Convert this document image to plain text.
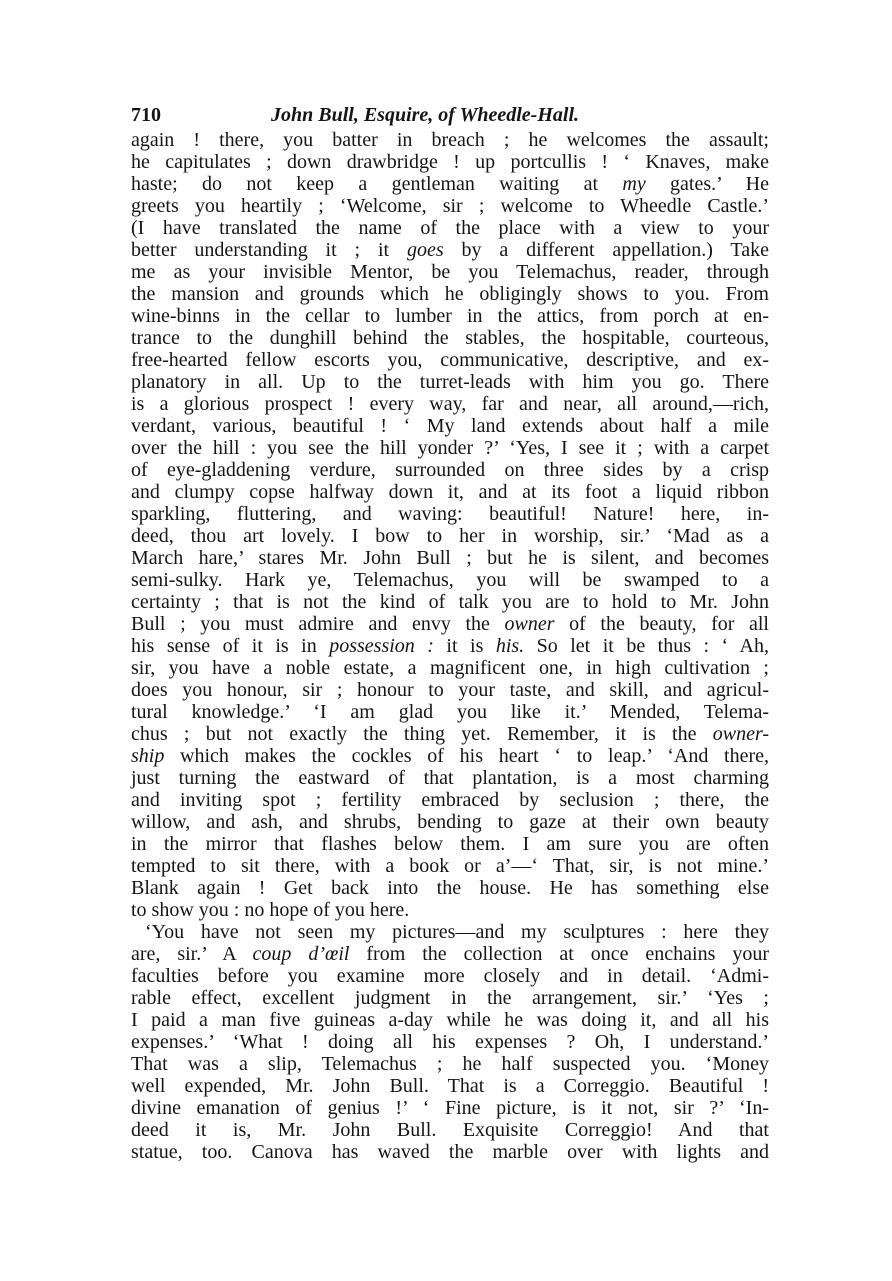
710	John Bull, Esquire, of Wheedle-Hall.
again ! there, you batter in breach ; he welcomes the assault;
he capitulates ; down drawbridge ! up portcullis ! ‘ Knaves, make
haste; do not keep a gentleman waiting at my gates.’ He
greets you heartily ; ‘Welcome, sir ; welcome to Wheedle Castle.’
(I have translated the name of the place with a view to your
better understanding it ; it goes by a different appellation.) Take
me as your invisible Mentor, be you Telemachus, reader, through
the mansion and grounds which he obligingly shows to you. From
wine-binns in the cellar to lumber in the attics, from porch at en-
trance to the dunghill behind the stables, the hospitable, courteous,
free-hearted fellow escorts you, communicative, descriptive, and ex-
planatory in all. Up to the turret-leads with him you go. There
is a glorious prospect ! every way, far and near, all around,—rich,
verdant, various, beautiful ! ‘ My land extends about half a mile
over the hill : you see the hill yonder ?’ ‘Yes, I see it ; with a carpet
of eye-gladdening verdure, surrounded on three sides by a crisp
and clumpy copse halfway down it, and at its foot a liquid ribbon
sparkling, fluttering, and waving: beautiful! Nature! here, in-
deed, thou art lovely. I bow to her in worship, sir.’ ‘Mad as a
March hare,’ stares Mr. John Bull ; but he is silent, and becomes
semi-sulky. Hark ye, Telemachus, you will be swamped to a
certainty ; that is not the kind of talk you are to hold to Mr. John
Bull ; you must admire and envy the owner of the beauty, for all
his sense of it is in possession : it is his. So let it be thus : ‘ Ah,
sir, you have a noble estate, a magnificent one, in high cultivation ;
does you honour, sir ; honour to your taste, and skill, and agricul-
tural knowledge.’ ‘I am glad you like it.’ Mended, Telema-
chus ; but not exactly the thing yet. Remember, it is the owner-
ship which makes the cockles of his heart ‘ to leap.’ ‘And there,
just turning the eastward of that plantation, is a most charming
and inviting spot ; fertility embraced by seclusion ; there, the
willow, and ash, and shrubs, bending to gaze at their own beauty
in the mirror that flashes below them. I am sure you are often
tempted to sit there, with a book or a’—‘ That, sir, is not mine.’
Blank again ! Get back into the house. He has something else
to show you : no hope of you here.
‘You have not seen my pictures—and my sculptures : here they
are, sir.’ A coup d’œil from the collection at once enchains your
faculties before you examine more closely and in detail. ‘Admi-
rable effect, excellent judgment in the arrangement, sir.’ ‘Yes ;
I paid a man five guineas a-day while he was doing it, and all his
expenses.’ ‘What ! doing all his expenses ? Oh, I understand.’
That was a slip, Telemachus ; he half suspected you. ‘Money
well expended, Mr. John Bull. That is a Correggio. Beautiful !
divine emanation of genius !’ ‘ Fine picture, is it not, sir ?’ ‘In-
deed it is, Mr. John Bull. Exquisite Correggio! And that
statue, too. Canova has waved the marble over with lights and
